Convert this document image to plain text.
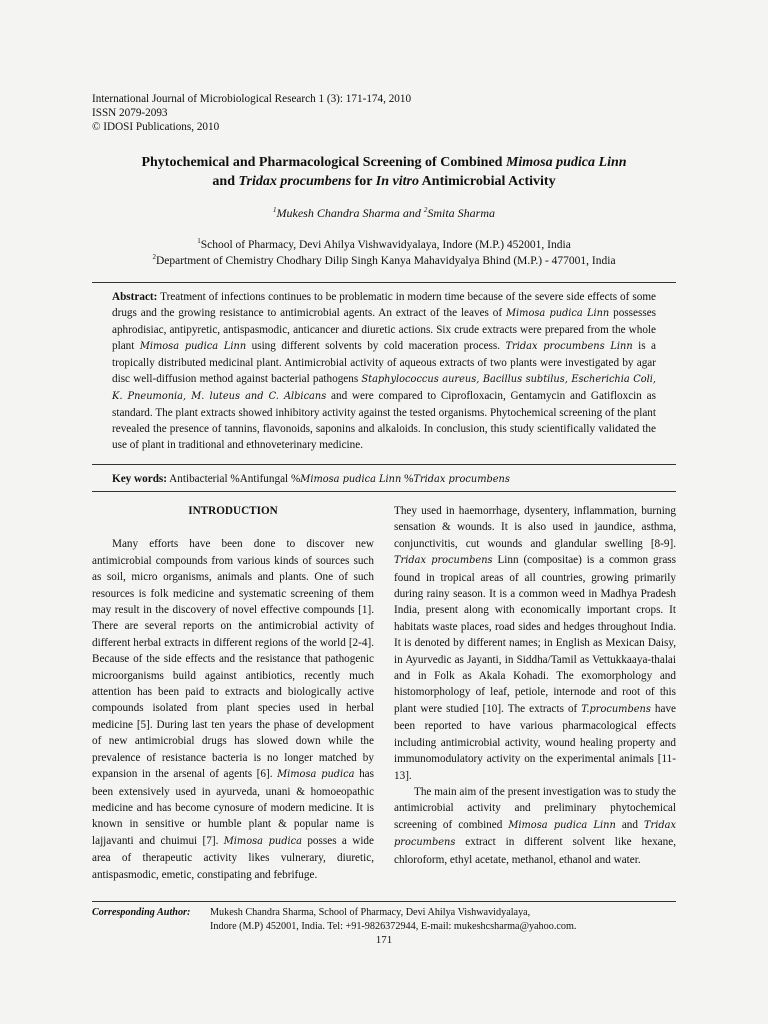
International Journal of Microbiological Research 1 (3): 171-174, 2010
ISSN 2079-2093
© IDOSI Publications, 2010
Phytochemical and Pharmacological Screening of Combined Mimosa pudica Linn
and Tridax procumbens for In vitro Antimicrobial Activity
$^1$Mukesh Chandra Sharma and $^2$Smita Sharma
$^1$School of Pharmacy, Devi Ahilya Vishwavidyalaya, Indore (M.P.) 452001, India
$^2$Department of Chemistry Chodhary Dilip Singh Kanya Mahavidyalya Bhind (M.P.) - 477001, India
Abstract: Treatment of infections continues to be problematic in modern time because of the severe side effects of some drugs and the growing resistance to antimicrobial agents. An extract of the leaves of Mimosa pudica Linn possesses aphrodisiac, antipyretic, antispasmodic, anticancer and diuretic actions. Six crude extracts were prepared from the whole plant Mimosa pudica Linn using different solvents by cold maceration process. Tridax procumbens Linn is a tropically distributed medicinal plant. Antimicrobial activity of aqueous extracts of two plants were investigated by agar disc well-diffusion method against bacterial pathogens Staphylococcus aureus, Bacillus subtilus, Escherichia Coli, K. Pneumonia, M. luteus and C. Albicans and were compared to Ciprofloxacin, Gentamycin and Gatifloxcin as standard. The plant extracts showed inhibitory activity against the tested organisms. Phytochemical screening of the plant revealed the presence of tannins, flavonoids, saponins and alkaloids. In conclusion, this study scientifically validated the use of plant in traditional and ethnoveterinary medicine.
Key words: Antibacterial %Antifungal %Mimosa pudica Linn %Tridax procumbens
INTRODUCTION

Many efforts have been done to discover new antimicrobial compounds from various kinds of sources such as soil, micro organisms, animals and plants. One of such resources is folk medicine and systematic screening of them may result in the discovery of novel effective compounds [1]. There are several reports on the antimicrobial activity of different herbal extracts in different regions of the world [2-4]. Because of the side effects and the resistance that pathogenic microorganisms build against antibiotics, recently much attention has been paid to extracts and biologically active compounds isolated from plant species used in herbal medicine [5]. During last ten years the phase of development of new antimicrobial drugs has slowed down while the prevalence of resistance bacteria is no longer matched by expansion in the arsenal of agents [6]. Mimosa pudica has been extensively used in ayurveda, unani & homoeopathic medicine and has become cynosure of modern medicine. It is known in sensitive or humble plant & popular name is lajjavanti and chuimui [7]. Mimosa pudica posses a wide area of therapeutic activity likes vulnerary, diuretic, antispasmodic, emetic, constipating and febrifuge.

They used in haemorrhage, dysentery, inflammation, burning sensation & wounds. It is also used in jaundice, asthma, conjunctivitis, cut wounds and glandular swelling [8-9]. Tridax procumbens Linn (compositae) is a common grass found in tropical areas of all countries, growing primarily during rainy season. It is a common weed in Madhya Pradesh India, present along with economically important crops. It habitats waste places, road sides and hedges throughout India. It is denoted by different names; in English as Mexican Daisy, in Ayurvedic as Jayanti, in Siddha/Tamil as Vettukkaaya-thalai and in Folk as Akala Kohadi. The exomorphology and histomorphology of leaf, petiole, internode and root of this plant were studied [10]. The extracts of T.procumbens have been reported to have various pharmacological effects including antimicrobial activity, wound healing property and immunomodulatory activity on the experimental animals [11-13].

The main aim of the present investigation was to study the antimicrobial activity and preliminary phytochemical screening of combined Mimosa pudica Linn and Tridax procumbens extract in different solvent like hexane, chloroform, ethyl acetate, methanol, ethanol and water.

Corresponding Author: Mukesh Chandra Sharma, School of Pharmacy, Devi Ahilya Vishwavidyalaya,
Indore (M.P) 452001, India. Tel: +91-9826372944, E-mail: mukeshcsharma@yahoo.com.
171
